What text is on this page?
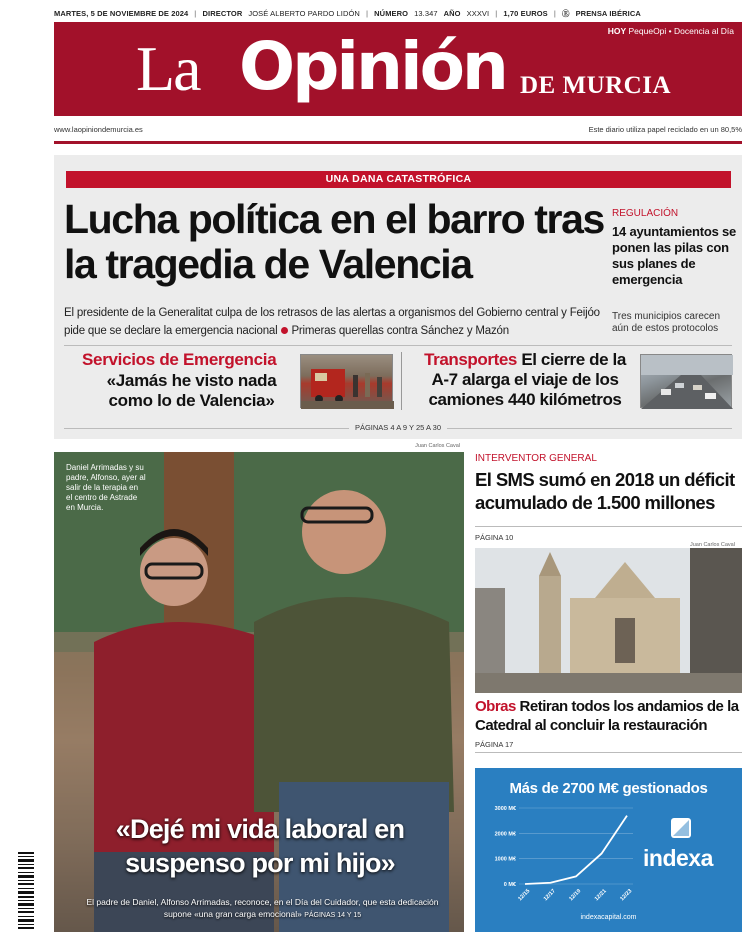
MARTES, 5 DE NOVIEMBRE DE 2024 | DIRECTOR JOSÉ ALBERTO PARDO LIDÓN | NÚMERO 13.347 AÑO XXXVI | 1,70 EUROS | Ⓔ PRENSA IBÉRICA
HOY PequeOpi • Docencia al Día
La Opinión DE MURCIA
www.laopiniondemurcia.es	Este diario utiliza papel reciclado en un 80,5%
UNA DANA CATASTRÓFICA
Lucha política en el barro tras la tragedia de Valencia
REGULACIÓN
14 ayuntamientos se ponen las pilas con sus planes de emergencia
Tres municipios carecen aún de estos protocolos
El presidente de la Generalitat culpa de los retrasos de las alertas a organismos del Gobierno central y Feijóo pide que se declare la emergencia nacional Primeras querellas contra Sánchez y Mazón
Servicios de Emergencia
«Jamás he visto nada como lo de Valencia»
Transportes El cierre de la A-7 alarga el viaje de los camiones 440 kilómetros
PÁGINAS 4 A 9 Y 25 A 30
Juan Carlos Caval
Daniel Arrimadas y su padre, Alfonso, ayer al salir de la terapia en el centro de Astrade en Murcia.
«Dejé mi vida laboral en suspenso por mi hijo»
El padre de Daniel, Alfonso Arrimadas, reconoce, en el Día del Cuidador, que esta dedicación supone «una gran carga emocional» PÁGINAS 14 Y 15
INTERVENTOR GENERAL
El SMS sumó en 2018 un déficit acumulado de 1.500 millones
PÁGINA 10
Juan Carlos Caval
Obras Retiran todos los andamios de la Catedral al concluir la restauración
PÁGINA 17
Más de 2700 M€ gestionados
3000 M€
2000 M€
1000 M€
0 M€
12/15 12/17 12/19 12/21 12/23
indexa
indexacapital.com
